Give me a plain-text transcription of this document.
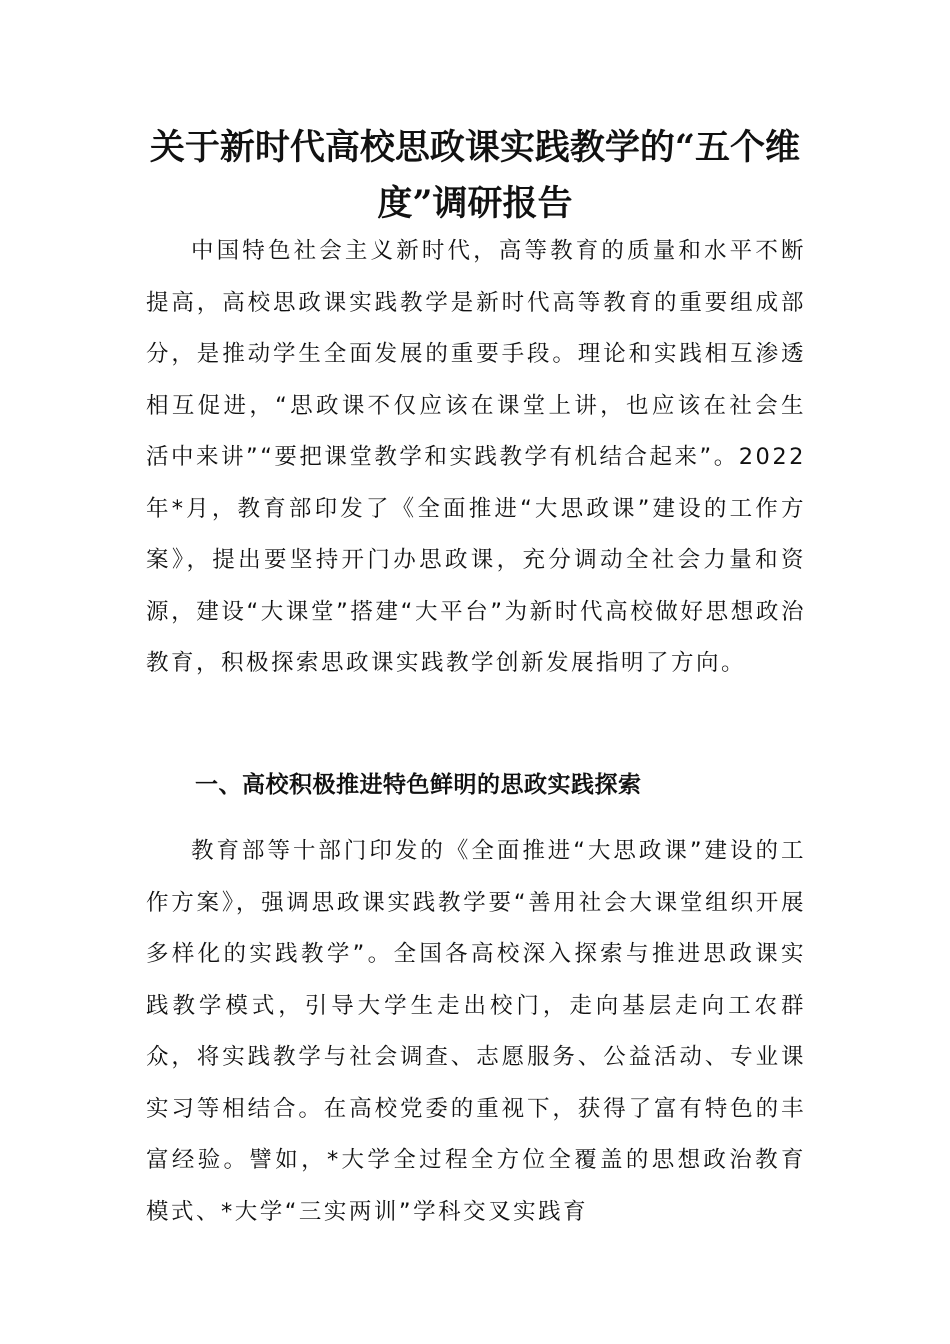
关于新时代高校思政课实践教学的“五个维度”调研报告

中国特色社会主义新时代，高等教育的质量和水平不断提高，高校思政课实践教学是新时代高等教育的重要组成部分，是推动学生全面发展的重要手段。理论和实践相互渗透相互促进，“思政课不仅应该在课堂上讲，也应该在社会生活中来讲”“要把课堂教学和实践教学有机结合起来”。2022年*月，教育部印发了《全面推进“大思政课”建设的工作方案》，提出要坚持开门办思政课，充分调动全社会力量和资源，建设“大课堂”搭建“大平台”为新时代高校做好思想政治教育，积极探索思政课实践教学创新发展指明了方向。

一、高校积极推进特色鲜明的思政实践探索

教育部等十部门印发的《全面推进“大思政课”建设的工作方案》，强调思政课实践教学要“善用社会大课堂组织开展多样化的实践教学”。全国各高校深入探索与推进思政课实践教学模式，引导大学生走出校门，走向基层走向工农群众，将实践教学与社会调查、志愿服务、公益活动、专业课实习等相结合。在高校党委的重视下，获得了富有特色的丰富经验。譬如，*大学全过程全方位全覆盖的思想政治教育模式、*大学“三实两训”学科交叉实践育
